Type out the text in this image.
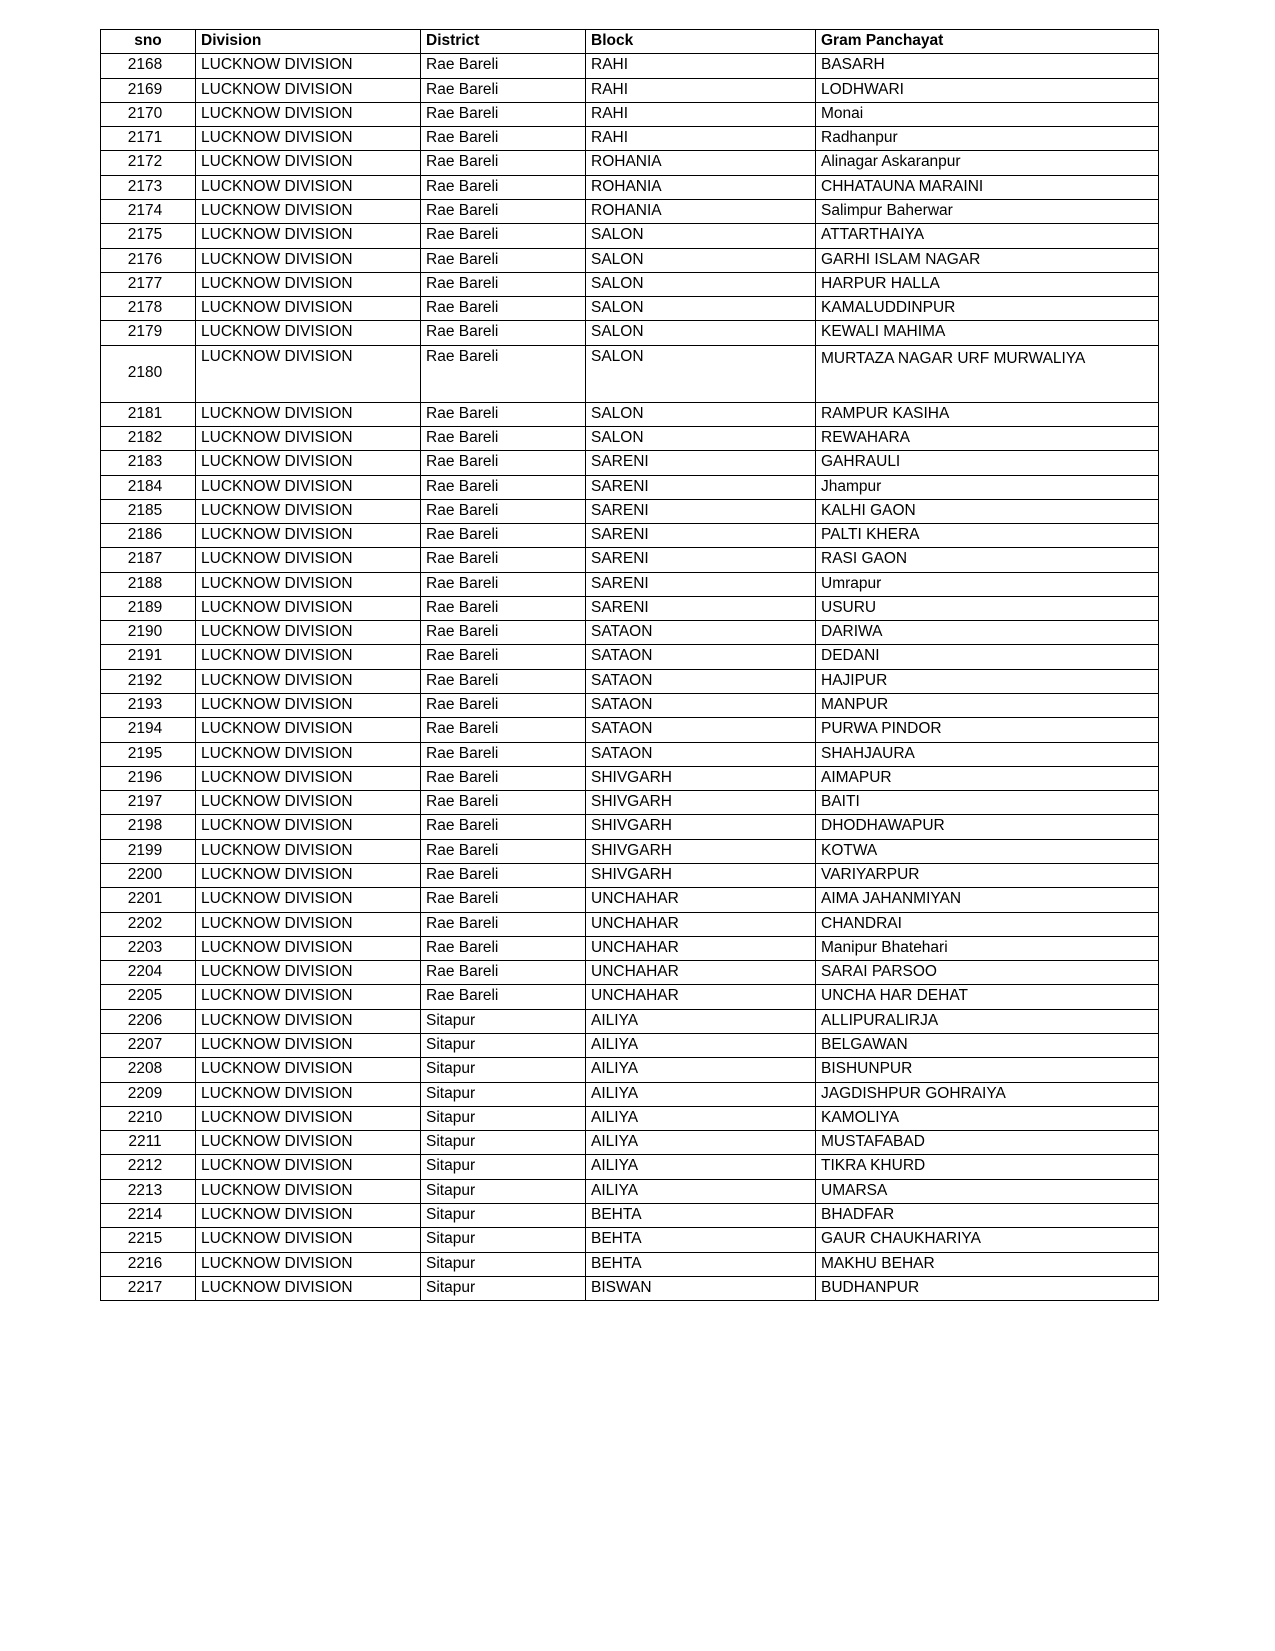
sno	Division	District	Block	Gram Panchayat
2168	LUCKNOW DIVISION	Rae Bareli	RAHI	BASARH
2169	LUCKNOW DIVISION	Rae Bareli	RAHI	LODHWARI
2170	LUCKNOW DIVISION	Rae Bareli	RAHI	Monai
2171	LUCKNOW DIVISION	Rae Bareli	RAHI	Radhanpur
2172	LUCKNOW DIVISION	Rae Bareli	ROHANIA	Alinagar Askaranpur
2173	LUCKNOW DIVISION	Rae Bareli	ROHANIA	CHHATAUNA MARAINI
2174	LUCKNOW DIVISION	Rae Bareli	ROHANIA	Salimpur Baherwar
2175	LUCKNOW DIVISION	Rae Bareli	SALON	ATTARTHAIYA
2176	LUCKNOW DIVISION	Rae Bareli	SALON	GARHI ISLAM NAGAR
2177	LUCKNOW DIVISION	Rae Bareli	SALON	HARPUR HALLA
2178	LUCKNOW DIVISION	Rae Bareli	SALON	KAMALUDDINPUR
2179	LUCKNOW DIVISION	Rae Bareli	SALON	KEWALI MAHIMA
2180	LUCKNOW DIVISION	Rae Bareli	SALON	MURTAZA NAGAR URF MURWALIYA
2181	LUCKNOW DIVISION	Rae Bareli	SALON	RAMPUR KASIHA
2182	LUCKNOW DIVISION	Rae Bareli	SALON	REWAHARA
2183	LUCKNOW DIVISION	Rae Bareli	SARENI	GAHRAULI
2184	LUCKNOW DIVISION	Rae Bareli	SARENI	Jhampur
2185	LUCKNOW DIVISION	Rae Bareli	SARENI	KALHI GAON
2186	LUCKNOW DIVISION	Rae Bareli	SARENI	PALTI KHERA
2187	LUCKNOW DIVISION	Rae Bareli	SARENI	RASI GAON
2188	LUCKNOW DIVISION	Rae Bareli	SARENI	Umrapur
2189	LUCKNOW DIVISION	Rae Bareli	SARENI	USURU
2190	LUCKNOW DIVISION	Rae Bareli	SATAON	DARIWA
2191	LUCKNOW DIVISION	Rae Bareli	SATAON	DEDANI
2192	LUCKNOW DIVISION	Rae Bareli	SATAON	HAJIPUR
2193	LUCKNOW DIVISION	Rae Bareli	SATAON	MANPUR
2194	LUCKNOW DIVISION	Rae Bareli	SATAON	PURWA PINDOR
2195	LUCKNOW DIVISION	Rae Bareli	SATAON	SHAHJAURA
2196	LUCKNOW DIVISION	Rae Bareli	SHIVGARH	AIMAPUR
2197	LUCKNOW DIVISION	Rae Bareli	SHIVGARH	BAITI
2198	LUCKNOW DIVISION	Rae Bareli	SHIVGARH	DHODHAWAPUR
2199	LUCKNOW DIVISION	Rae Bareli	SHIVGARH	KOTWA
2200	LUCKNOW DIVISION	Rae Bareli	SHIVGARH	VARIYARPUR
2201	LUCKNOW DIVISION	Rae Bareli	UNCHAHAR	AIMA JAHANMIYAN
2202	LUCKNOW DIVISION	Rae Bareli	UNCHAHAR	CHANDRAI
2203	LUCKNOW DIVISION	Rae Bareli	UNCHAHAR	Manipur Bhatehari
2204	LUCKNOW DIVISION	Rae Bareli	UNCHAHAR	SARAI PARSOO
2205	LUCKNOW DIVISION	Rae Bareli	UNCHAHAR	UNCHA HAR DEHAT
2206	LUCKNOW DIVISION	Sitapur	AILIYA	ALLIPURALIRJA
2207	LUCKNOW DIVISION	Sitapur	AILIYA	BELGAWAN
2208	LUCKNOW DIVISION	Sitapur	AILIYA	BISHUNPUR
2209	LUCKNOW DIVISION	Sitapur	AILIYA	JAGDISHPUR GOHRAIYA
2210	LUCKNOW DIVISION	Sitapur	AILIYA	KAMOLIYA
2211	LUCKNOW DIVISION	Sitapur	AILIYA	MUSTAFABAD
2212	LUCKNOW DIVISION	Sitapur	AILIYA	TIKRA KHURD
2213	LUCKNOW DIVISION	Sitapur	AILIYA	UMARSA
2214	LUCKNOW DIVISION	Sitapur	BEHTA	BHADFAR
2215	LUCKNOW DIVISION	Sitapur	BEHTA	GAUR CHAUKHARIYA
2216	LUCKNOW DIVISION	Sitapur	BEHTA	MAKHU BEHAR
2217	LUCKNOW DIVISION	Sitapur	BISWAN	BUDHANPUR
